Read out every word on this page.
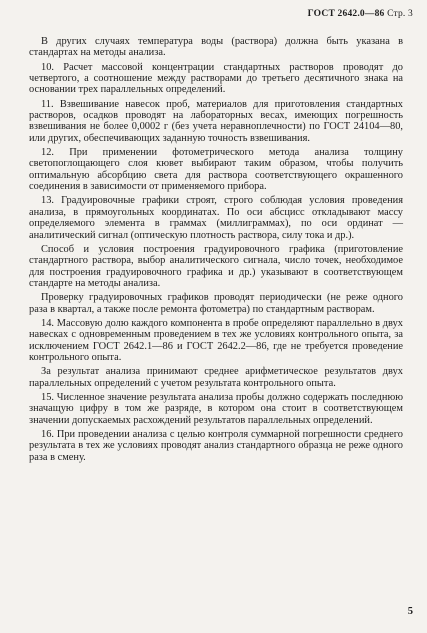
ГОСТ 2642.0—86 Стр. 3

В других случаях температура воды (раствора) должна быть указана в стандартах на методы анализа.

10. Расчет массовой концентрации стандартных растворов проводят до четвертого, а соотношение между растворами до третьего десятичного знака на основании трех параллельных определений.

11. Взвешивание навесок проб, материалов для приготовления стандартных растворов, осадков проводят на лабораторных весах, имеющих погрешность взвешивания не более 0,0002 г (без учета неравноплечности) по ГОСТ 24104—80, или других, обеспечивающих заданную точность взвешивания.

12. При применении фотометрического метода анализа толщину светопоглощающего слоя кювет выбирают таким образом, чтобы получить оптимальную абсорбцию света для раствора соответствующего окрашенного соединения в зависимости от применяемого прибора.

13. Градуировочные графики строят, строго соблюдая условия проведения анализа, в прямоугольных координатах. По оси абсцисс откладывают массу определяемого элемента в граммах (миллиграммах), по оси ординат — аналитический сигнал (оптическую плотность раствора, силу тока и др.).

Способ и условия построения градуировочного графика (приготовление стандартного раствора, выбор аналитического сигнала, число точек, необходимое для построения градуировочного графика и др.) указывают в соответствующем стандарте на методы анализа.

Проверку градуировочных графиков проводят периодически (не реже одного раза в квартал, а также после ремонта фотометра) по стандартным растворам.

14. Массовую долю каждого компонента в пробе определяют параллельно в двух навесках с одновременным проведением в тех же условиях контрольного опыта, за исключением ГОСТ 2642.1—86 и ГОСТ 2642.2—86, где не требуется проведение контрольного опыта.

За результат анализа принимают среднее арифметическое результатов двух параллельных определений с учетом результата контрольного опыта.

15. Численное значение результата анализа пробы должно содержать последнюю значащую цифру в том же разряде, в котором она стоит в соответствующем значении допускаемых расхождений результатов параллельных определений.

16. При проведении анализа с целью контроля суммарной погрешности среднего результата в тех же условиях проводят анализ стандартного образца не реже одного раза в смену.

5
